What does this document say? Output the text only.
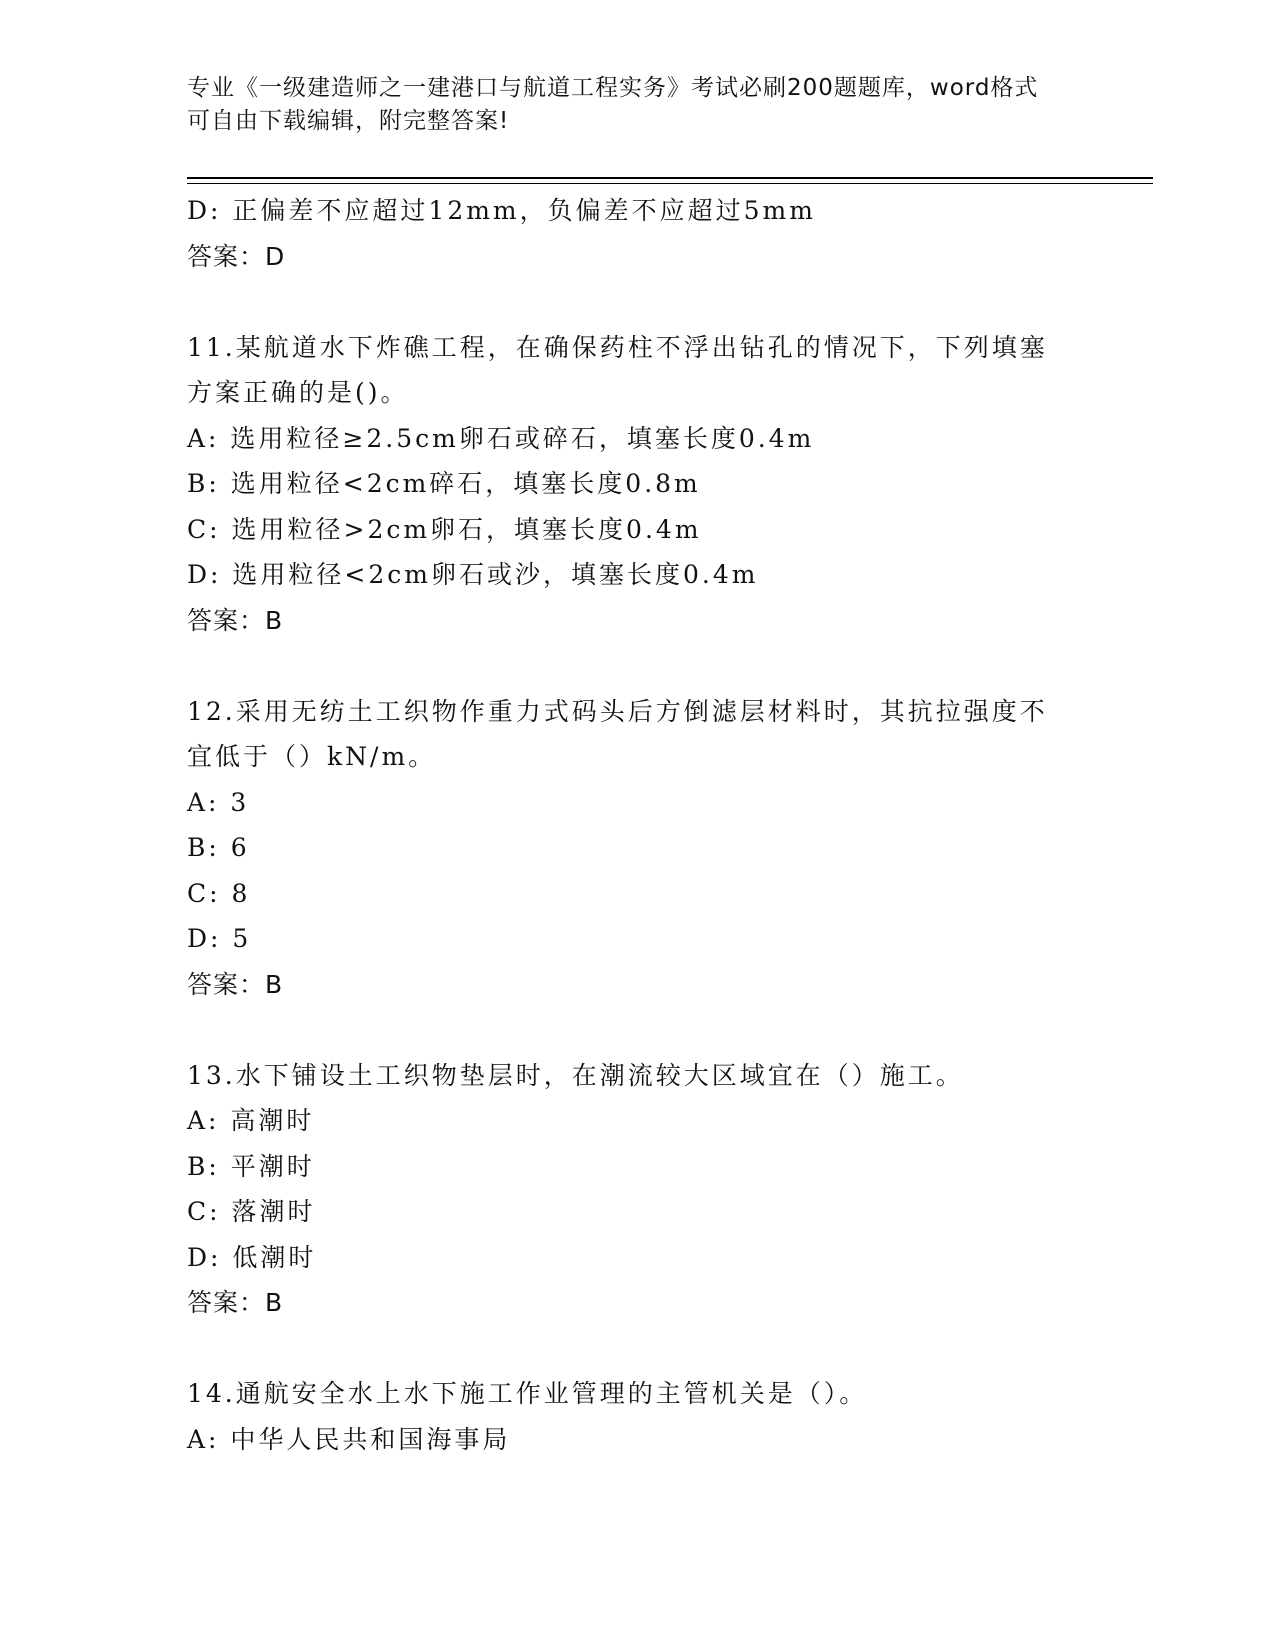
专业《一级建造师之一建港口与航道工程实务》考试必刷200题题库，word格式
可自由下载编辑，附完整答案!
D: 正偏差不应超过12mm，负偏差不应超过5mm
答案：D
11.某航道水下炸礁工程，在确保药柱不浮出钻孔的情况下，下列填塞
方案正确的是()。
A: 选用粒径≥2.5cm卵石或碎石，填塞长度0.4m
B: 选用粒径<2cm碎石，填塞长度0.8m
C: 选用粒径>2cm卵石，填塞长度0.4m
D: 选用粒径<2cm卵石或沙，填塞长度0.4m
答案：B
12.采用无纺土工织物作重力式码头后方倒滤层材料时，其抗拉强度不
宜低于（）kN/m。
A: 3
B: 6
C: 8
D: 5
答案：B
13.水下铺设土工织物垫层时，在潮流较大区域宜在（）施工。
A: 高潮时
B: 平潮时
C: 落潮时
D: 低潮时
答案：B
14.通航安全水上水下施工作业管理的主管机关是（）。
A: 中华人民共和国海事局
